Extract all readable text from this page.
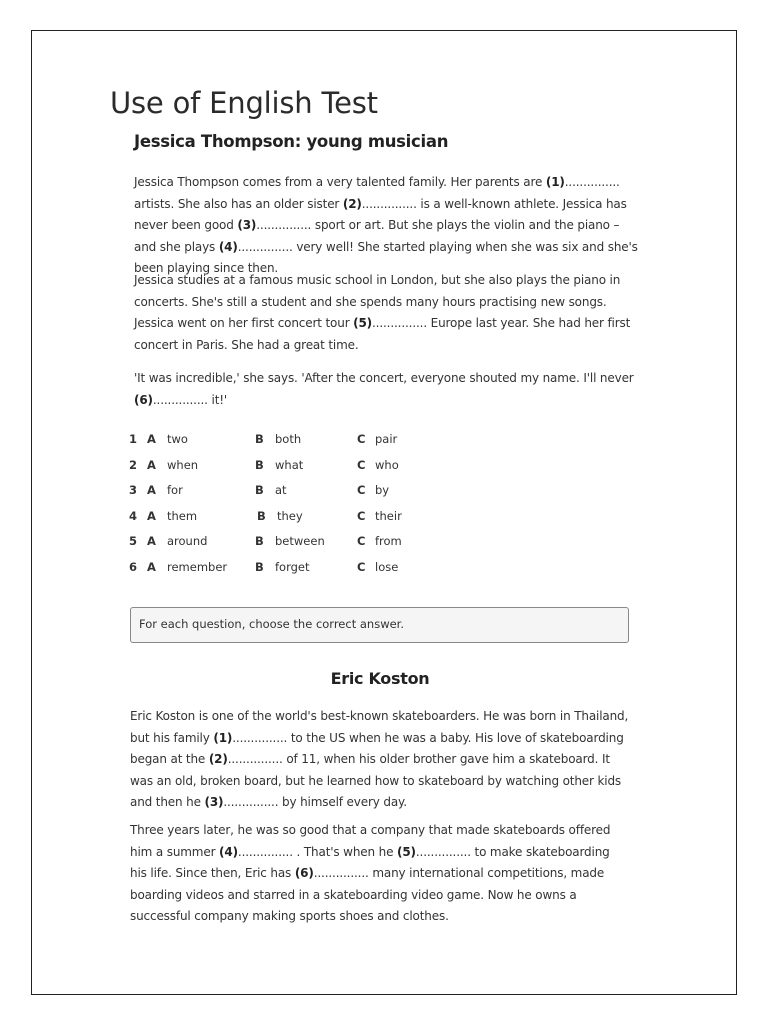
Use of English Test
Jessica Thompson: young musician

Jessica Thompson comes from a very talented family. Her parents are (1)............... artists. She also has an older sister (2)............... is a well-known athlete. Jessica has never been good (3)............... sport or art. But she plays the violin and the piano – and she plays (4)............... very well! She started playing when she was six and she's been playing since then.

Jessica studies at a famous music school in London, but she also plays the piano in concerts. She's still a student and she spends many hours practising new songs. Jessica went on her first concert tour (5)............... Europe last year. She had her first concert in Paris. She had a great time.

'It was incredible,' she says. 'After the concert, everyone shouted my name. I'll never (6)............... it!'

1 A two	B both	C pair
2 A when	B what	C who
3 A for	B at	C by
4 A them	B they	C their
5 A around	B between	C from
6 A remember B forget	C lose
For each question, choose the correct answer.
Eric Koston

Eric Koston is one of the world's best-known skateboarders. He was born in Thailand, but his family (1)............... to the US when he was a baby. His love of skateboarding began at the (2)............... of 11, when his older brother gave him a skateboard. It was an old, broken board, but he learned how to skateboard by watching other kids and then he (3)............... by himself every day.

Three years later, he was so good that a company that made skateboards offered him a summer (4)............... . That's when he (5)............... to make skateboarding his life. Since then, Eric has (6)............... many international competitions, made boarding videos and starred in a skateboarding video game. Now he owns a successful company making sports shoes and clothes.
